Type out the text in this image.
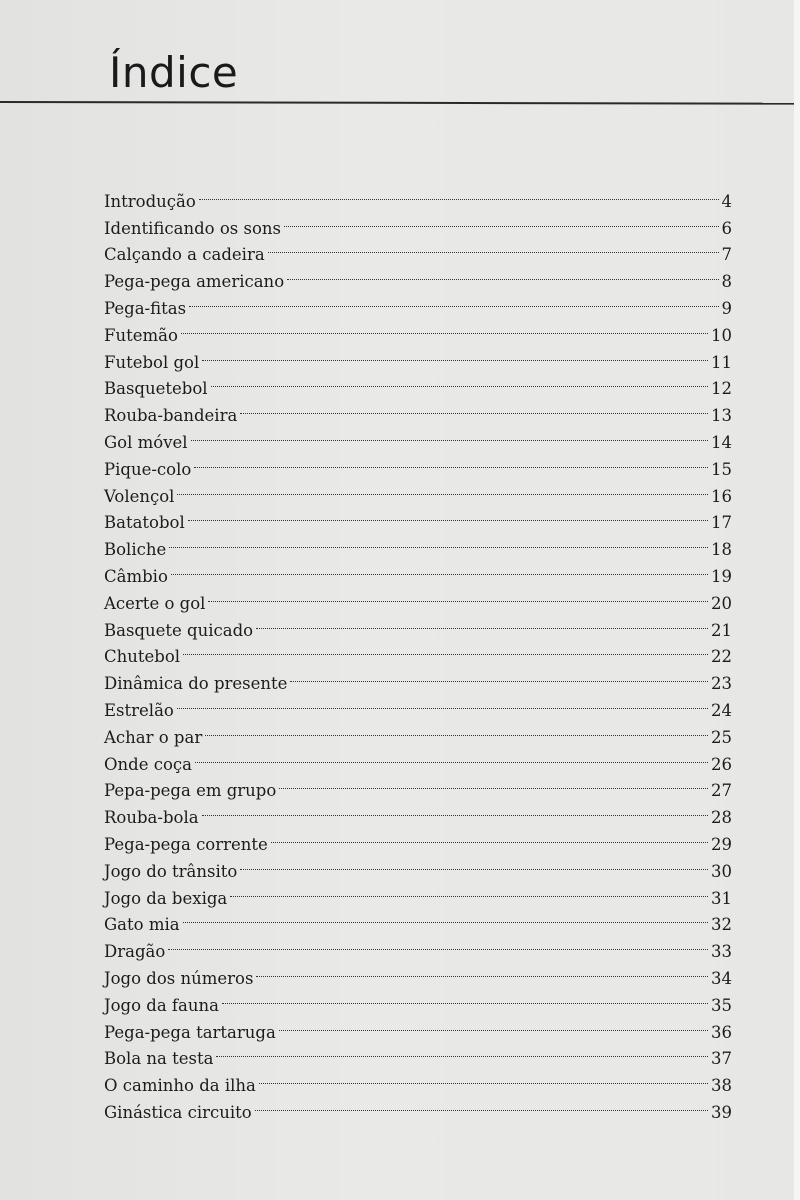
Índice
Introdução	4
Identificando os sons	6
Calçando a cadeira	7
Pega-pega americano	8
Pega-fitas	9
Futemão	10
Futebol gol	11
Basquetebol	12
Rouba-bandeira	13
Gol móvel	14
Pique-colo	15
Volençol	16
Batatobol	17
Boliche	18
Câmbio	19
Acerte o gol	20
Basquete quicado	21
Chutebol	22
Dinâmica do presente	23
Estrelão	24
Achar o par	25
Onde coça	26
Pepa-pega em grupo	27
Rouba-bola	28
Pega-pega corrente	29
Jogo do trânsito	30
Jogo da bexiga	31
Gato mia	32
Dragão	33
Jogo dos números	34
Jogo da fauna	35
Pega-pega tartaruga	36
Bola na testa	37
O caminho da ilha	38
Ginástica circuito	39
